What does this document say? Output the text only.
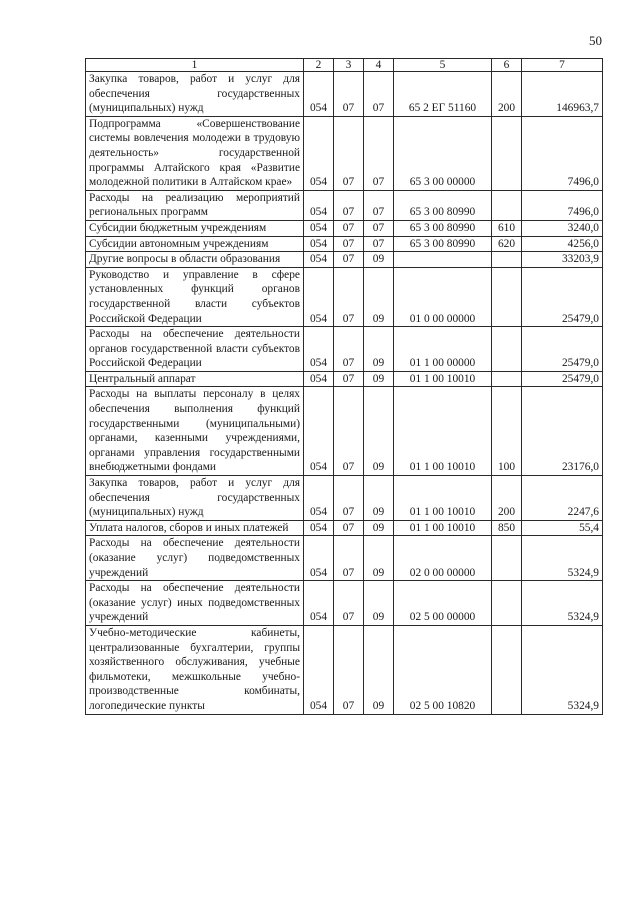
50
1	2	3	4	5	6	7
Закупка товаров, работ и услуг для обеспечения государственных (муниципальных) нужд	054	07	07	65 2 ЕГ 51160	200	146963,7
Подпрограмма «Совершенствование системы вовлечения молодежи в трудовую деятельность» государственной программы Алтайского края «Развитие молодежной политики в Алтайском крае»	054	07	07	65 3 00 00000		7496,0
Расходы на реализацию мероприятий региональных программ	054	07	07	65 3 00 80990		7496,0
Субсидии бюджетным учреждениям	054	07	07	65 3 00 80990	610	3240,0
Субсидии автономным учреждениям	054	07	07	65 3 00 80990	620	4256,0
Другие вопросы в области образования	054	07	09			33203,9
Руководство и управление в сфере установленных функций органов государственной власти субъектов Российской Федерации	054	07	09	01 0 00 00000		25479,0
Расходы на обеспечение деятельности органов государственной власти субъектов Российской Федерации	054	07	09	01 1 00 00000		25479,0
Центральный аппарат	054	07	09	01 1 00 10010		25479,0
Расходы на выплаты персоналу в целях обеспечения выполнения функций государственными (муниципальными) органами, казенными учреждениями, органами управления государственными внебюджетными фондами	054	07	09	01 1 00 10010	100	23176,0
Закупка товаров, работ и услуг для обеспечения государственных (муниципальных) нужд	054	07	09	01 1 00 10010	200	2247,6
Уплата налогов, сборов и иных платежей	054	07	09	01 1 00 10010	850	55,4
Расходы на обеспечение деятельности (оказание услуг) подведомственных учреждений	054	07	09	02 0 00 00000		5324,9
Расходы на обеспечение деятельности (оказание услуг) иных подведомственных учреждений	054	07	09	02 5 00 00000		5324,9
Учебно-методические кабинеты, централизованные бухгалтерии, группы хозяйственного обслуживания, учебные фильмотеки, межшкольные учебно-производственные комбинаты, логопедические пункты	054	07	09	02 5 00 10820		5324,9
